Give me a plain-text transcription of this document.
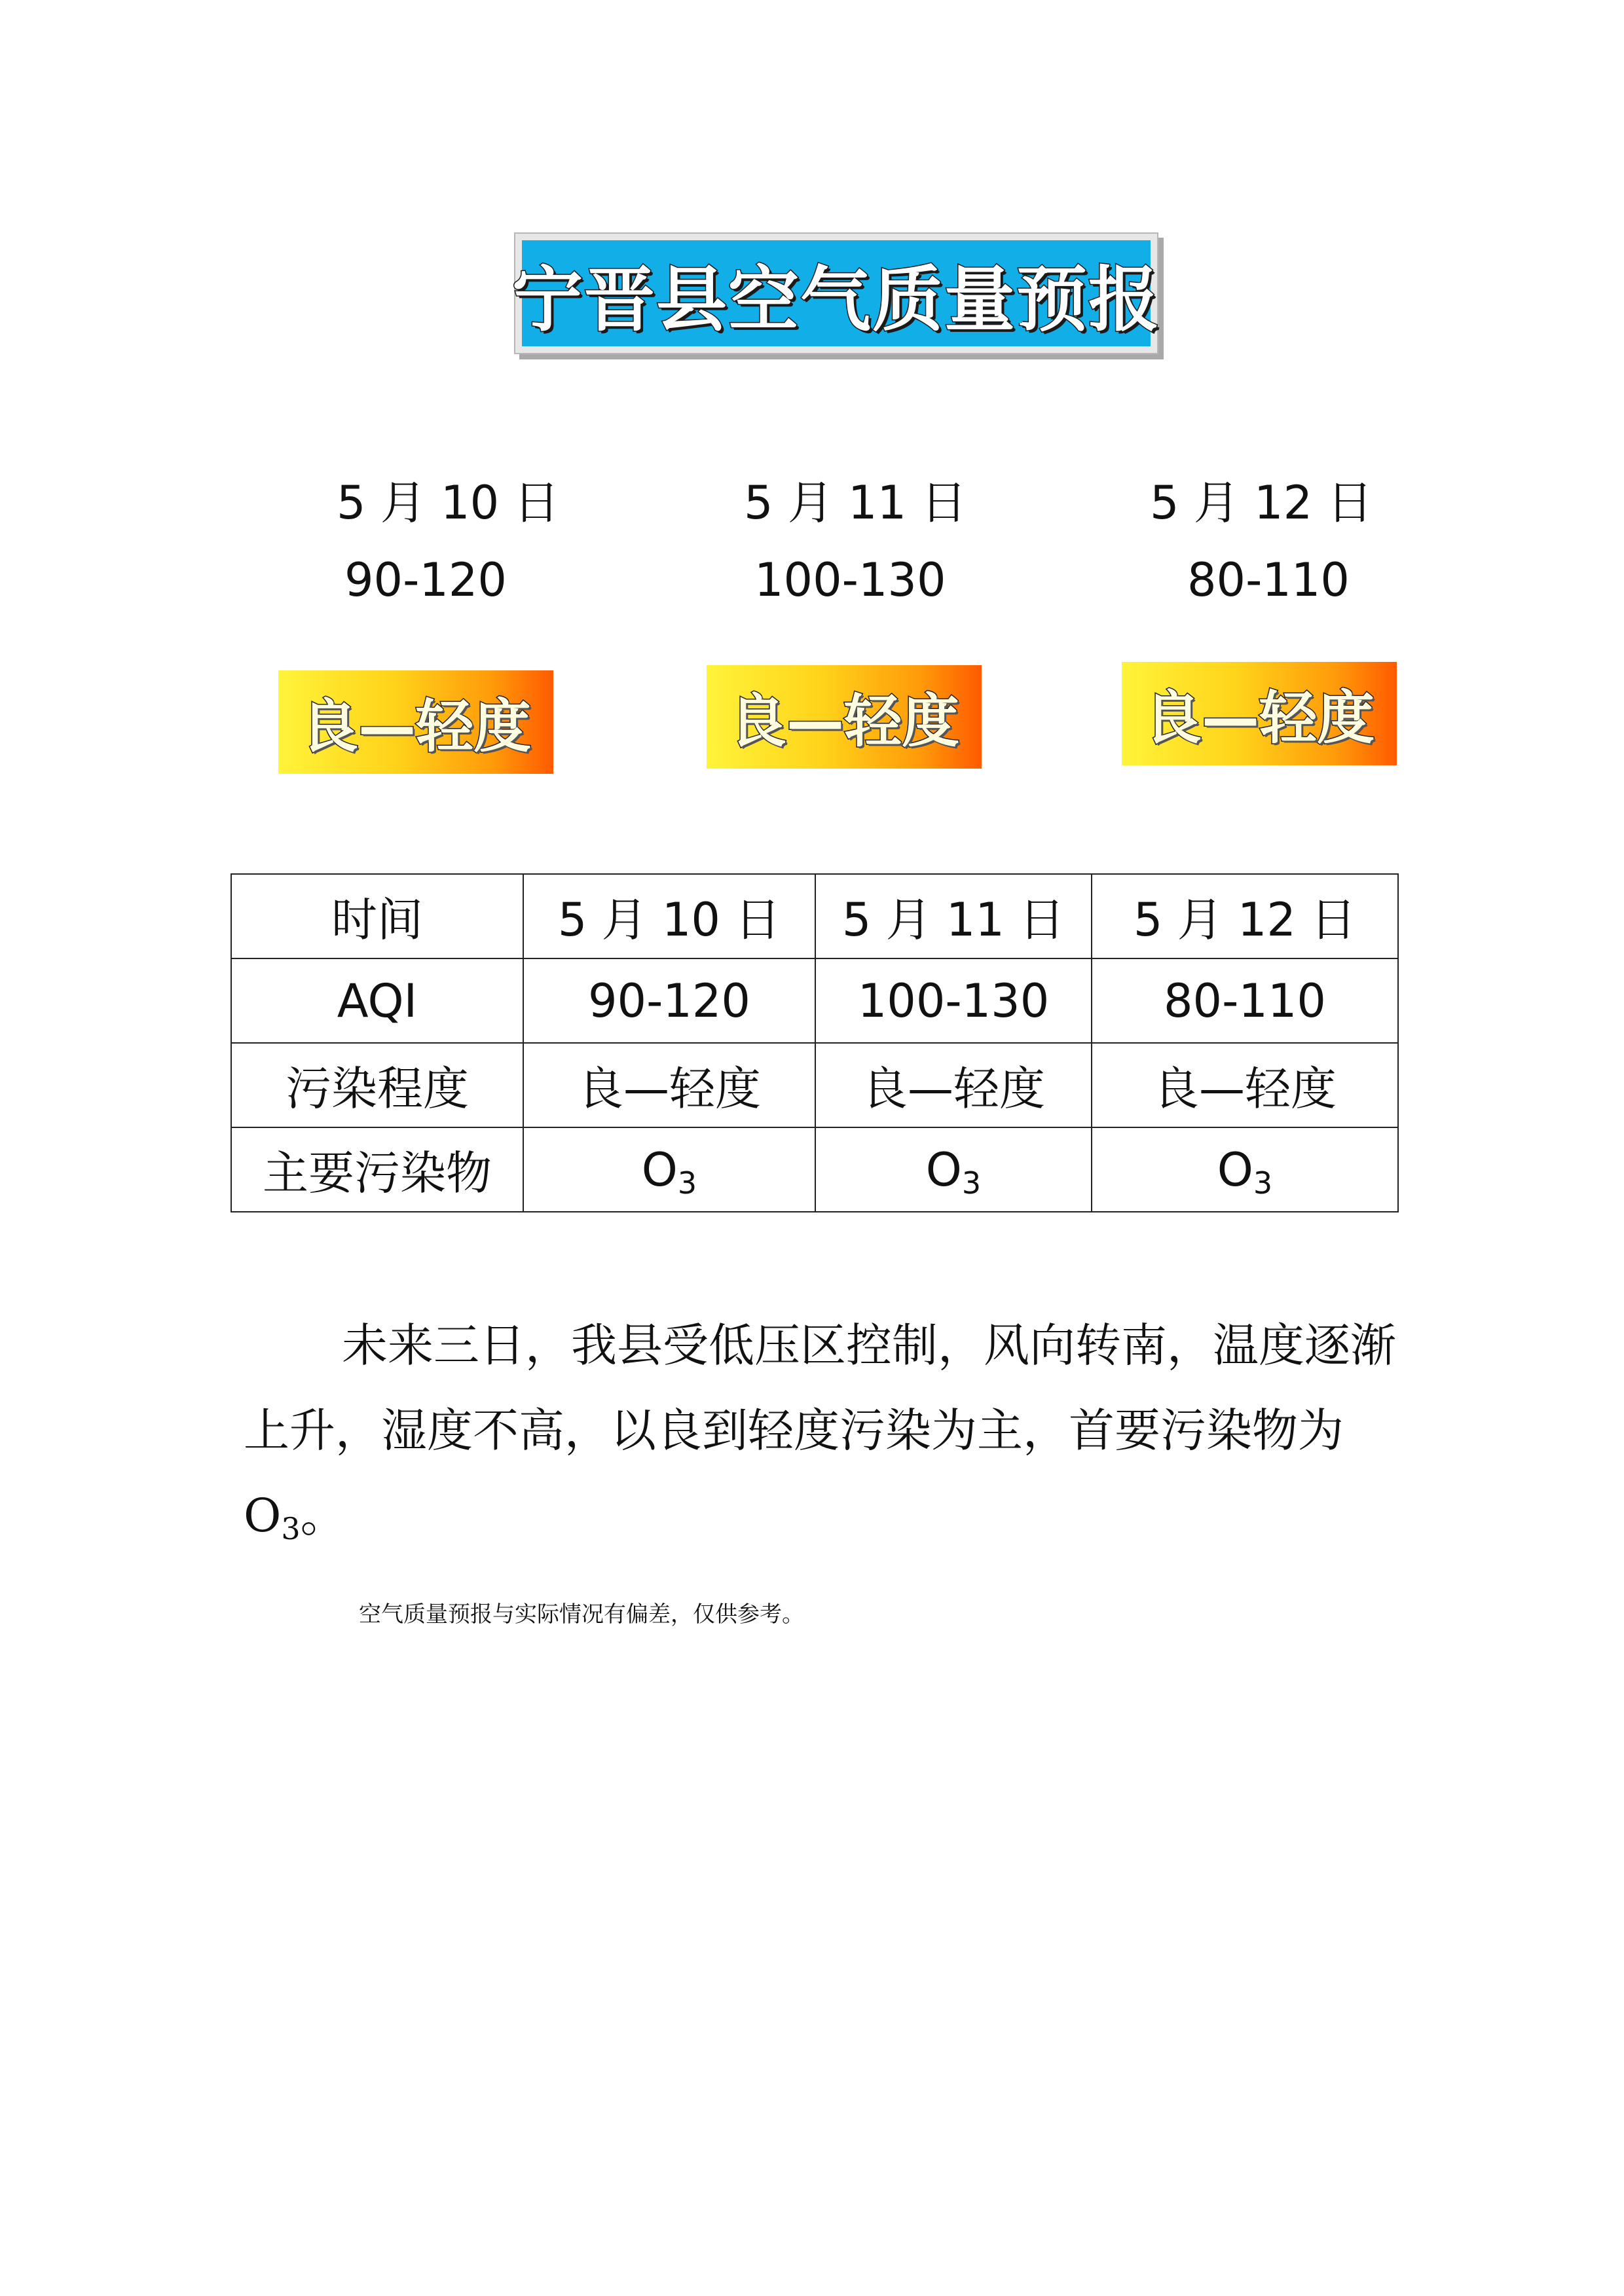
宁晋县空气质量预报
5 月 10 日
90-120
良—轻度
5 月 11 日
100-130
良—轻度
5 月 12 日
80-110
良—轻度
时间	5 月 10 日	5 月 11 日	5 月 12 日
AQI	90-120	100-130	80-110
污染程度	良—轻度	良—轻度	良—轻度
主要污染物	O3	O3	O3
未来三日，我县受低压区控制，风向转南，温度逐渐上升，湿度不高，以良到轻度污染为主，首要污染物为 O3。
空气质量预报与实际情况有偏差，仅供参考。
